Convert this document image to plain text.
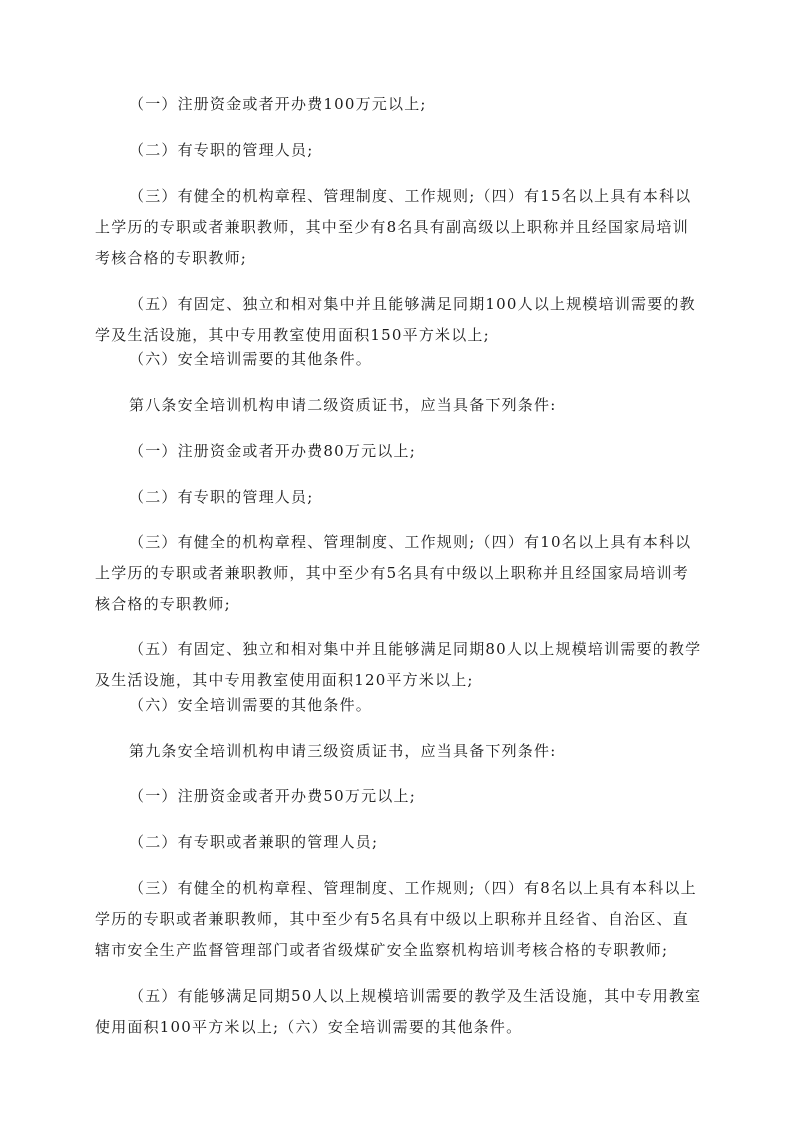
（一）注册资金或者开办费100万元以上;

（二）有专职的管理人员;

（三）有健全的机构章程、管理制度、工作规则;（四）有15名以上具有本科以上学历的专职或者兼职教师，其中至少有8名具有副高级以上职称并且经国家局培训考核合格的专职教师;

（五）有固定、独立和相对集中并且能够满足同期100人以上规模培训需要的教学及生活设施，其中专用教室使用面积150平方米以上;

（六）安全培训需要的其他条件。

第八条安全培训机构申请二级资质证书，应当具备下列条件:

（一）注册资金或者开办费80万元以上;

（二）有专职的管理人员;

（三）有健全的机构章程、管理制度、工作规则;（四）有10名以上具有本科以上学历的专职或者兼职教师，其中至少有5名具有中级以上职称并且经国家局培训考核合格的专职教师;

（五）有固定、独立和相对集中并且能够满足同期80人以上规模培训需要的教学及生活设施，其中专用教室使用面积120平方米以上;

（六）安全培训需要的其他条件。

第九条安全培训机构申请三级资质证书，应当具备下列条件:

（一）注册资金或者开办费50万元以上;

（二）有专职或者兼职的管理人员;

（三）有健全的机构章程、管理制度、工作规则;（四）有8名以上具有本科以上学历的专职或者兼职教师，其中至少有5名具有中级以上职称并且经省、自治区、直辖市安全生产监督管理部门或者省级煤矿安全监察机构培训考核合格的专职教师;

（五）有能够满足同期50人以上规模培训需要的教学及生活设施，其中专用教室使用面积100平方米以上;（六）安全培训需要的其他条件。
